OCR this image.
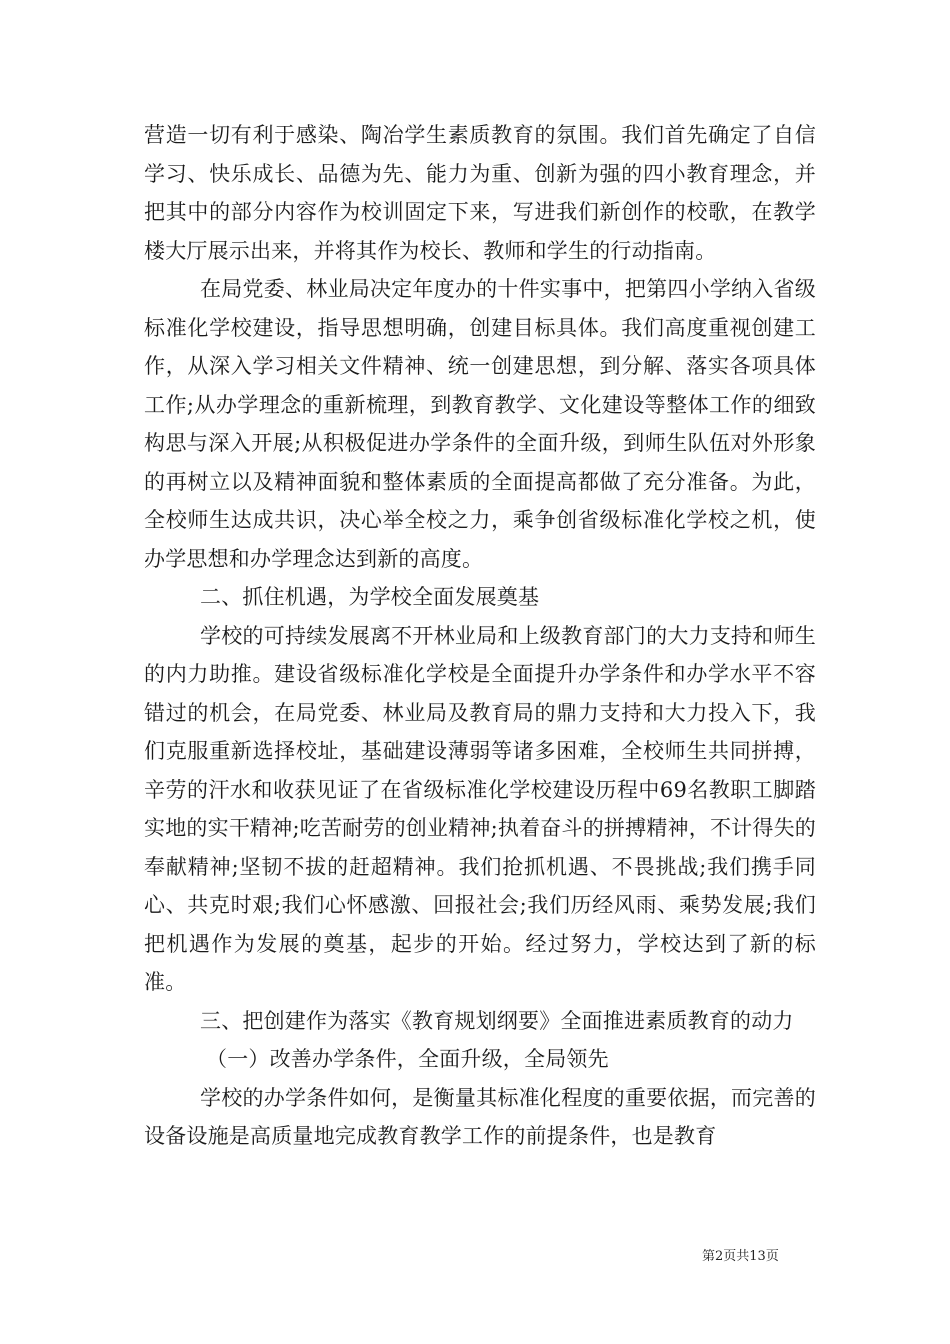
营造一切有利于感染、陶冶学生素质教育的氛围。我们首先确定了自信学习、快乐成长、品德为先、能力为重、创新为强的四小教育理念，并把其中的部分内容作为校训固定下来，写进我们新创作的校歌，在教学楼大厅展示出来，并将其作为校长、教师和学生的行动指南。

在局党委、林业局决定年度办的十件实事中，把第四小学纳入省级标准化学校建设，指导思想明确，创建目标具体。我们高度重视创建工作，从深入学习相关文件精神、统一创建思想，到分解、落实各项具体工作;从办学理念的重新梳理，到教育教学、文化建设等整体工作的细致构思与深入开展;从积极促进办学条件的全面升级，到师生队伍对外形象的再树立以及精神面貌和整体素质的全面提高都做了充分准备。为此，全校师生达成共识，决心举全校之力，乘争创省级标准化学校之机，使办学思想和办学理念达到新的高度。

二、抓住机遇，为学校全面发展奠基

学校的可持续发展离不开林业局和上级教育部门的大力支持和师生的内力助推。建设省级标准化学校是全面提升办学条件和办学水平不容错过的机会，在局党委、林业局及教育局的鼎力支持和大力投入下，我们克服重新选择校址，基础建设薄弱等诸多困难，全校师生共同拼搏，辛劳的汗水和收获见证了在省级标准化学校建设历程中69名教职工脚踏实地的实干精神;吃苦耐劳的创业精神;执着奋斗的拼搏精神，不计得失的奉献精神;坚韧不拔的赶超精神。我们抢抓机遇、不畏挑战;我们携手同心、共克时艰;我们心怀感激、回报社会;我们历经风雨、乘势发展;我们把机遇作为发展的奠基，起步的开始。经过努力，学校达到了新的标准。

三、把创建作为落实《教育规划纲要》全面推进素质教育的动力

（一）改善办学条件，全面升级，全局领先

学校的办学条件如何，是衡量其标准化程度的重要依据，而完善的设备设施是高质量地完成教育教学工作的前提条件，也是教育

第2页共13页
